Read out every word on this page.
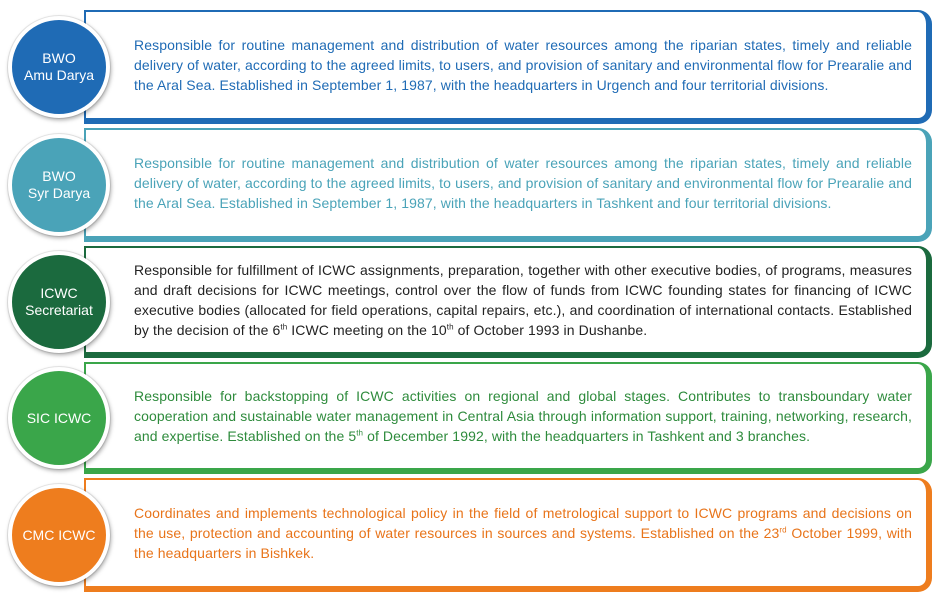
Responsible for routine management and distribution of water resources among the riparian states, timely and reliable delivery of water, according to the agreed limits, to users, and provision of sanitary and environmental flow for Prearalie and the Aral Sea. Established in September 1, 1987, with the headquarters in Urgench and four territorial divisions.

BWO
Amu Darya

Responsible for routine management and distribution of water resources among the riparian states, timely and reliable delivery of water, according to the agreed limits, to users, and provision of sanitary and environmental flow for Prearalie and the Aral Sea. Established in September 1, 1987, with the headquarters in Tashkent and four territorial divisions.

BWO
Syr Darya

Responsible for fulfillment of ICWC assignments, preparation, together with other executive bodies, of programs, measures and draft decisions for ICWC meetings, control over the flow of funds from ICWC founding states for financing of ICWC executive bodies (allocated for field operations, capital repairs, etc.), and coordination of international contacts. Established by the decision of the 6th ICWC meeting on the 10th of October 1993 in Dushanbe.

ICWC
Secretariat

Responsible for backstopping of ICWC activities on regional and global stages. Contributes to transboundary water cooperation and sustainable water management in Central Asia through information support, training, networking, research, and expertise. Established on the 5th of December 1992, with the headquarters in Tashkent and 3 branches.

SIC ICWC

Coordinates and implements technological policy in the field of metrological support to ICWC programs and decisions on the use, protection and accounting of water resources in sources and systems. Established on the 23rd October 1999, with the headquarters in Bishkek.

CMC ICWC
